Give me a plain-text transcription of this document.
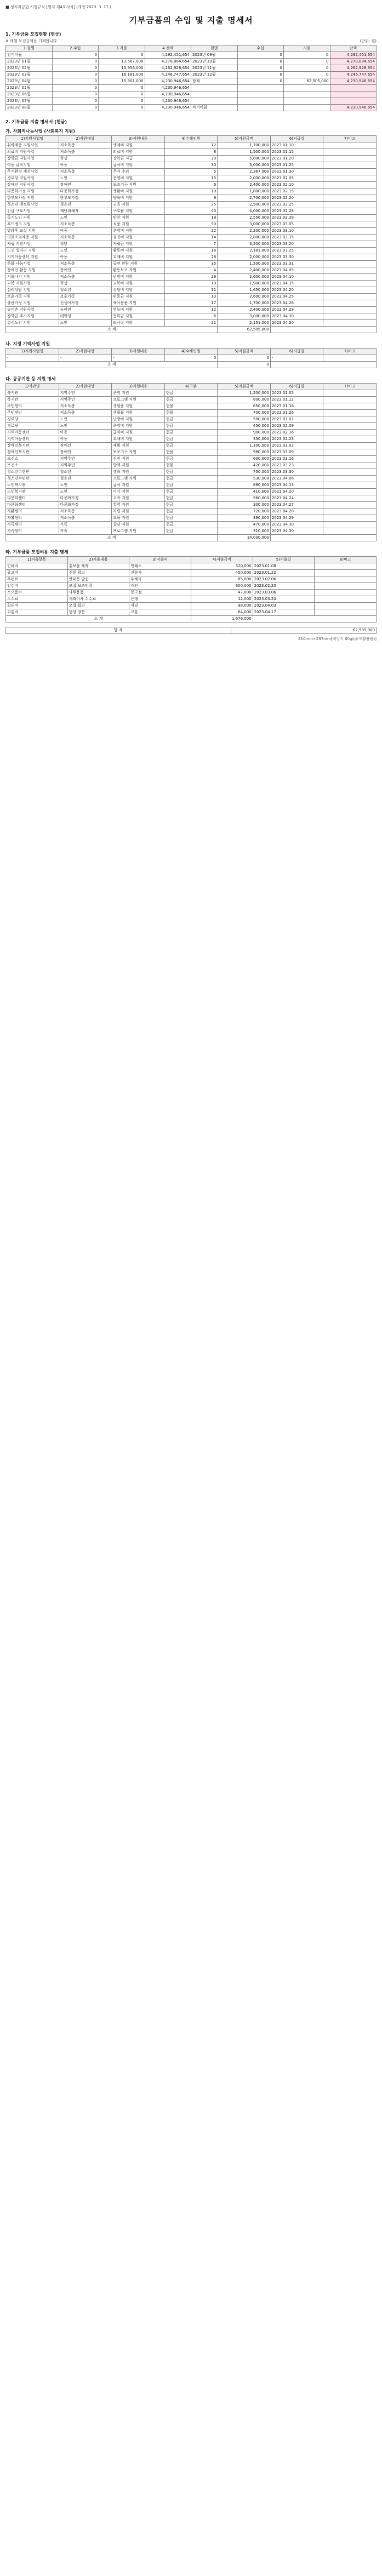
■ 정치자금법 시행규칙 [별지 제4호서식] (개정 2023. 3. 17.)
기부금품의 수입 및 지출 명세서
1. 기부금품 모집현황 (현금)
※ 매월 모집금액을 기재합니다.	(단위: 원)
1.월별	2.수입	3.지출	4.잔액	월별	수입	지출	잔액
전기이월	0	0	4,292,451,654	2023년 09월	0	0	4,292,451,654
2023년 01월	0	13,567,000	4,278,884,654	2023년 10월	0	0	4,278,884,654
2023년 02월	0	15,956,000	4,262,928,654	2023년 11월	0	0	4,262,928,654
2023년 03월	0	16,181,000	4,246,747,654	2023년 12월	0	0	4,246,747,654
2023년 04월	0	15,801,000	4,230,946,654	합계	0	62,505,000	4,230,946,654
2023년 05월	0	0	4,230,946,654				
2023년 06월	0	0	4,230,946,654				
2023년 07월	0	0	4,230,946,654				
2023년 08월	0	0	4,230,946,654	차기이월			4,230,946,654
2. 기부금품 지출 명세서 (현금)
가. 사회적나눔사업 (사회복지 지원)
1)지원사업명	2)지원대상	3)지원내용	4)수혜인원	5)지원금액	6)지급일	7)비고
취약계층 지원사업	저소득층	생계비 지원	12	1,700,000	2023.01.10	
의료비 지원사업	저소득층	의료비 지원	8	1,500,000	2023.01.15	
장학금 지원사업	학생	장학금 지급	20	5,000,000	2023.01.20	
아동 급식지원	아동	급식비 지원	30	3,000,000	2023.01.25	
주거환경 개선사업	저소득층	주거 수리	5	2,367,000	2023.01.30	
경로당 지원사업	노인	운영비 지원	15	2,000,000	2023.02.05	
장애인 지원사업	장애인	보조기구 지원	6	2,400,000	2023.02.10	
다문화가정 지원	다문화가정	생활비 지원	10	1,800,000	2023.02.15	
한부모가정 지원	한부모가정	양육비 지원	9	2,700,000	2023.02.20	
청소년 멘토링사업	청소년	교육 지원	25	2,500,000	2023.02.25	
긴급 구호사업	재난피해자	구호품 지원	40	4,000,000	2023.02.28	
독거노인 지원	노인	반찬 지원	18	2,556,000	2023.02.28	
푸드뱅크 지원	저소득층	식품 지원	50	3,000,000	2023.03.05	
방과후 교실 지원	아동	운영비 지원	22	2,200,000	2023.03.10	
의료소외계층 지원	저소득층	검진비 지원	14	2,800,000	2023.03.15	
자립 지원사업	청년	자립금 지원	7	3,500,000	2023.03.20	
노인 일자리 지원	노인	활동비 지원	16	2,181,000	2023.03.25	
지역아동센터 지원	아동	교재비 지원	28	2,000,000	2023.03.30	
문화 나눔사업	저소득층	공연 관람 지원	35	1,500,000	2023.03.31	
장애인 활동 지원	장애인	활동보조 지원	4	2,400,000	2023.04.05	
겨울나기 지원	저소득층	난방비 지원	26	2,600,000	2023.04.10	
교복 지원사업	학생	교복비 지원	19	1,900,000	2023.04.15	
심리상담 지원	청소년	상담비 지원	11	1,650,000	2023.04.20	
보훈가족 지원	보훈가족	위문금 지원	13	2,600,000	2023.04.25	
출산가정 지원	신생아가정	육아용품 지원	17	1,700,000	2023.04.28	
농어촌 지원사업	농어민	영농비 지원	12	2,400,000	2023.04.29	
장학금 추가지원	대학생	등록금 지원	6	3,000,000	2023.04.30	
결식노인 지원	노인	도시락 지원	21	2,151,000	2023.04.30	
소 계				62,505,000		
나. 지정 기탁사업 지원
1)지원사업명	2)지원대상	3)지원내용	4)수혜인원	5)지원금액	6)지급일	7)비고
-	-	-	0	0	-	
소 계				0		
다. 공공기관 등 지원 명세
1)기관명	2)지원대상	3)지원내용	4)구분	5)지원금액	6)지급일	7)비고
복지관	지역주민	운영 지원	현금	1,200,000	2023.01.05	
복지관	지역주민	프로그램 지원	현금	800,000	2023.01.12	
주민센터	저소득층	생필품 지원	현물	650,000	2023.01.18	
주민센터	저소득층	생필품 지원	현물	700,000	2023.01.26	
경로당	노인	난방비 지원	현금	500,000	2023.02.02	
경로당	노인	운영비 지원	현금	450,000	2023.02.09	
지역아동센터	아동	급식비 지원	현금	900,000	2023.02.16	
지역아동센터	아동	교재비 지원	현금	350,000	2023.02.23	
장애인복지관	장애인	재활 지원	현금	1,100,000	2023.03.02	
장애인복지관	장애인	보조기구 지원	현물	980,000	2023.03.09	
보건소	지역주민	검진 지원	현금	600,000	2023.03.16	
보건소	지역주민	방역 지원	현물	420,000	2023.03.23	
청소년수련관	청소년	캠프 지원	현금	750,000	2023.03.30	
청소년수련관	청소년	프로그램 지원	현금	530,000	2023.04.06	
노인복지관	노인	급식 지원	현금	880,000	2023.04.13	
노인복지관	노인	여가 지원	현금	410,000	2023.04.20	
다문화센터	다문화가정	교육 지원	현금	560,000	2023.04.24	
다문화센터	다문화가정	통역 지원	현금	300,000	2023.04.27	
자활센터	저소득층	자립 지원	현금	720,000	2023.04.28	
자활센터	저소득층	교육 지원	현금	390,000	2023.04.29	
가족센터	가족	상담 지원	현금	470,000	2023.04.30	
가족센터	가족	프로그램 지원	현금	310,000	2023.04.30	
소 계				14,030,000		
라. 기부금품 모집비용 지출 명세
1)지출항목	2)지출내용	3)지출처	4)지출금액	5)지출일	6)비고
인쇄비	홍보물 제작	인쇄소	320,000	2023.01.08	
광고비	신문 광고	신문사	450,000	2023.01.22	
우편료	안내문 발송	우체국	85,000	2023.02.06	
인건비	모집 보조인력	개인	600,000	2023.02.20	
소모품비	사무용품	문구점	47,000	2023.03.06	
수수료	계좌이체 수수료	은행	12,000	2023.03.20	
회의비	모집 회의	식당	98,000	2023.04.03	
교통비	현장 방문	교통	64,000	2023.04.17	
소 계			1,676,000		
합 계	62,505,000
210mm×297mm[백상지 80g/㎡(재활용품)]
